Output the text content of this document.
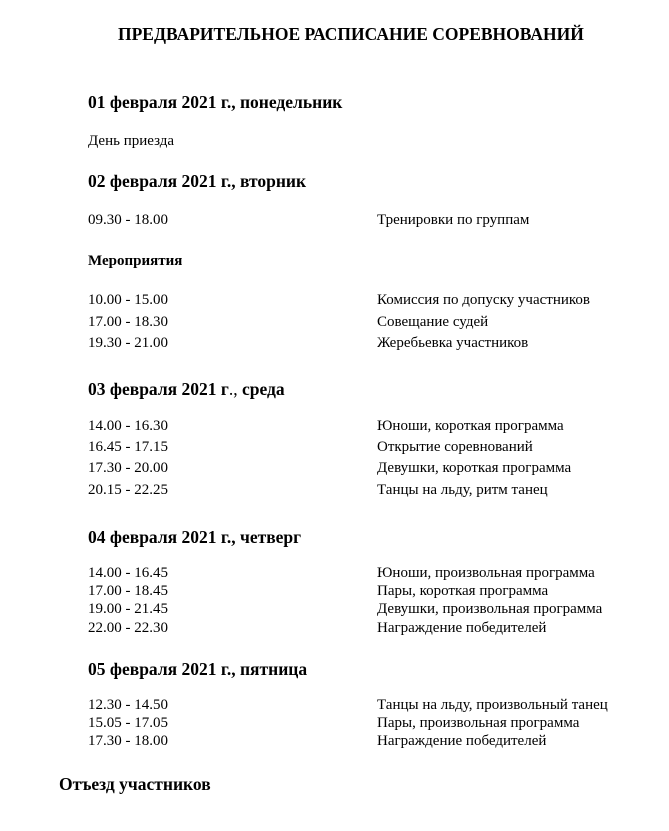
ПРЕДВАРИТЕЛЬНОЕ РАСПИСАНИЕ СОРЕВНОВАНИЙ
01 февраля 2021 г., понедельник
День приезда
02 февраля 2021 г., вторник
09.30 - 18.00	Тренировки по группам
Мероприятия
10.00 - 15.00	Комиссия по допуску участников
17.00 - 18.30	Совещание судей
19.30 - 21.00	Жеребьевка участников
03 февраля 2021 г., среда
14.00 - 16.30	Юноши, короткая программа
16.45 - 17.15	Открытие соревнований
17.30 - 20.00	Девушки, короткая программа
20.15 - 22.25	Танцы на льду, ритм танец
04 февраля 2021 г., четверг
14.00 - 16.45	Юноши, произвольная программа
17.00 - 18.45	Пары, короткая программа
19.00 - 21.45	Девушки, произвольная программа
22.00 - 22.30	Награждение победителей
05 февраля 2021 г., пятница
12.30 - 14.50	Танцы на льду, произвольный танец
15.05 - 17.05	Пары, произвольная программа
17.30 - 18.00	Награждение победителей
Отъезд участников
